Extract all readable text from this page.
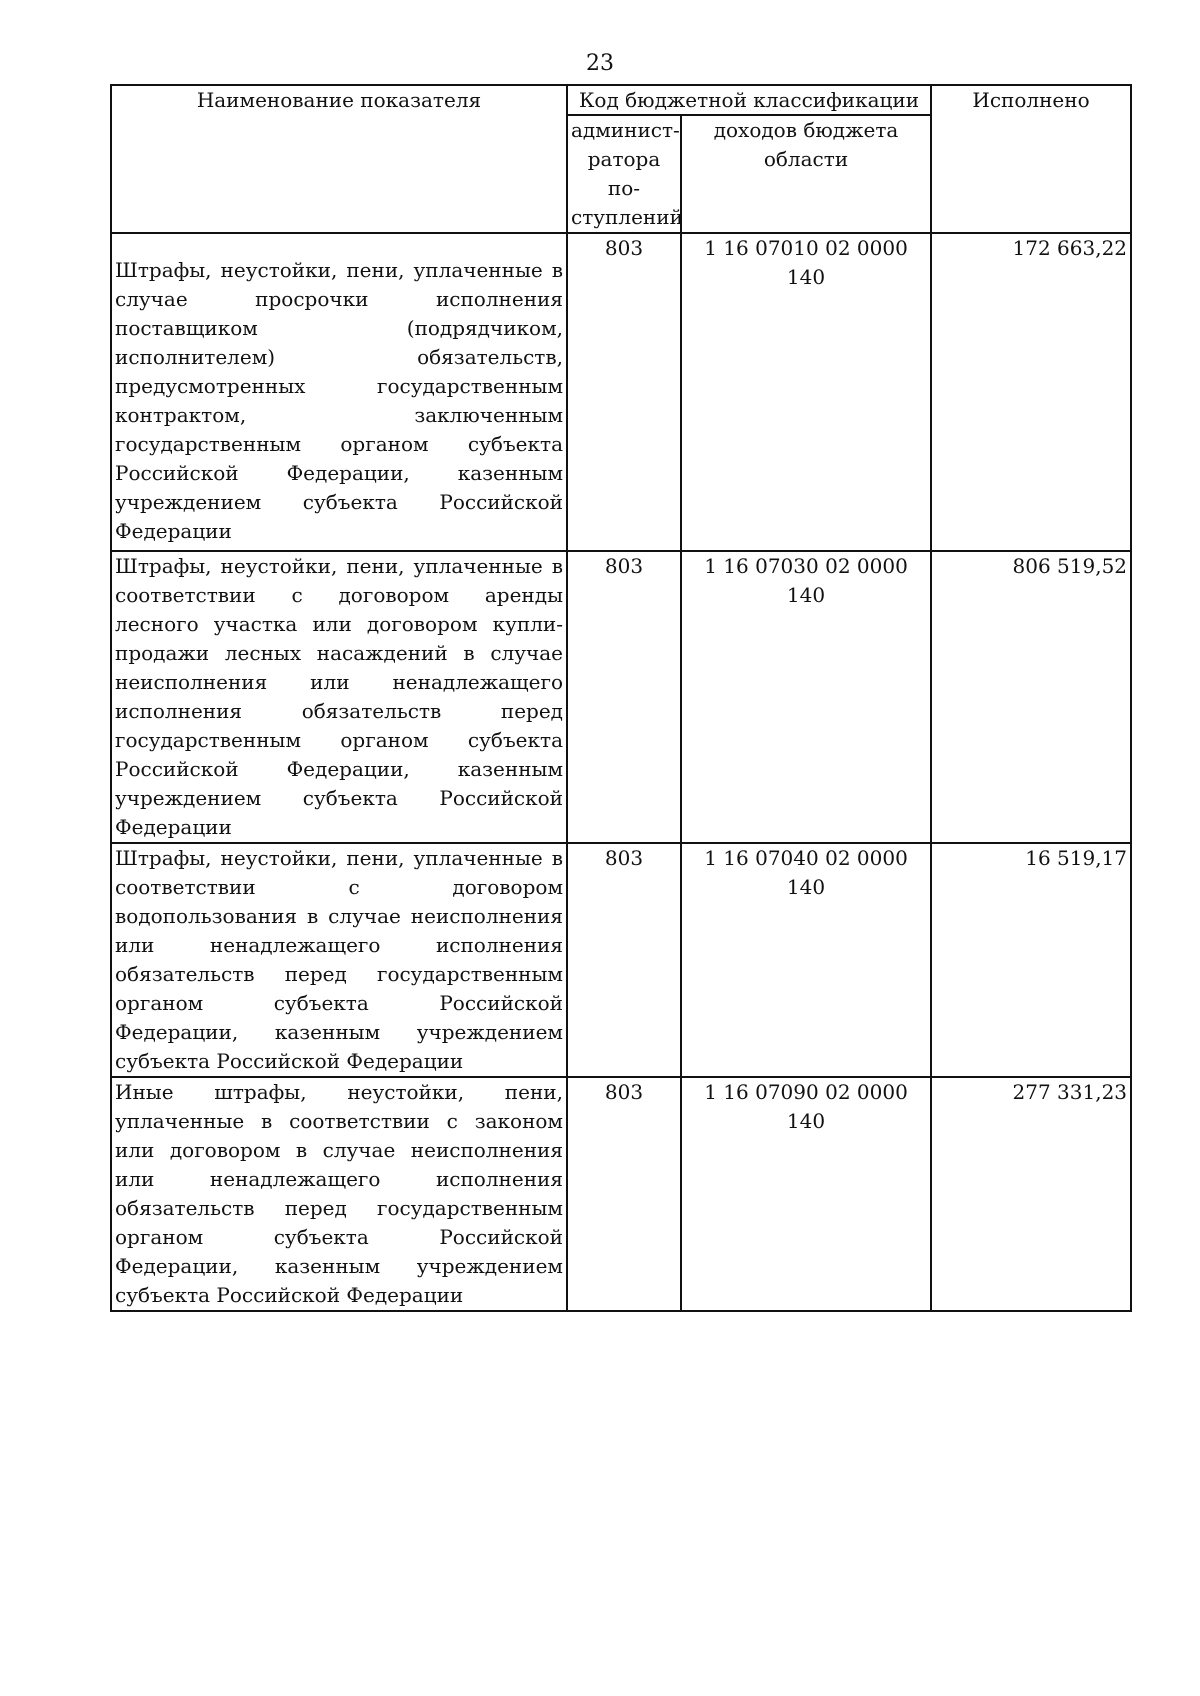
23
Наименование показателя	Код бюджетной классификации		Исполнено
	админист-ратора по-ступлений	доходов бюджета области	
Штрафы, неустойки, пени, уплаченные в случае просрочки исполнения поставщиком (подрядчиком, исполнителем) обязательств, предусмотренных государственным контрактом, заключенным государственным органом субъекта Российской Федерации, казенным учреждением субъекта Российской Федерации	803	1 16 07010 02 0000 140	172 663,22
Штрафы, неустойки, пени, уплаченные в соответствии с договором аренды лесного участка или договором купли-продажи лесных насаждений в случае неисполнения или ненадлежащего исполнения обязательств перед государственным органом субъекта Российской Федерации, казенным учреждением субъекта Российской Федерации	803	1 16 07030 02 0000 140	806 519,52
Штрафы, неустойки, пени, уплаченные в соответствии с договором водопользования в случае неисполнения или ненадлежащего исполнения обязательств перед государственным органом субъекта Российской Федерации, казенным учреждением субъекта Российской Федерации	803	1 16 07040 02 0000 140	16 519,17
Иные штрафы, неустойки, пени, уплаченные в соответствии с законом или договором в случае неисполнения или ненадлежащего исполнения обязательств перед государственным органом субъекта Российской Федерации, казенным учреждением субъекта Российской Федерации	803	1 16 07090 02 0000 140	277 331,23
